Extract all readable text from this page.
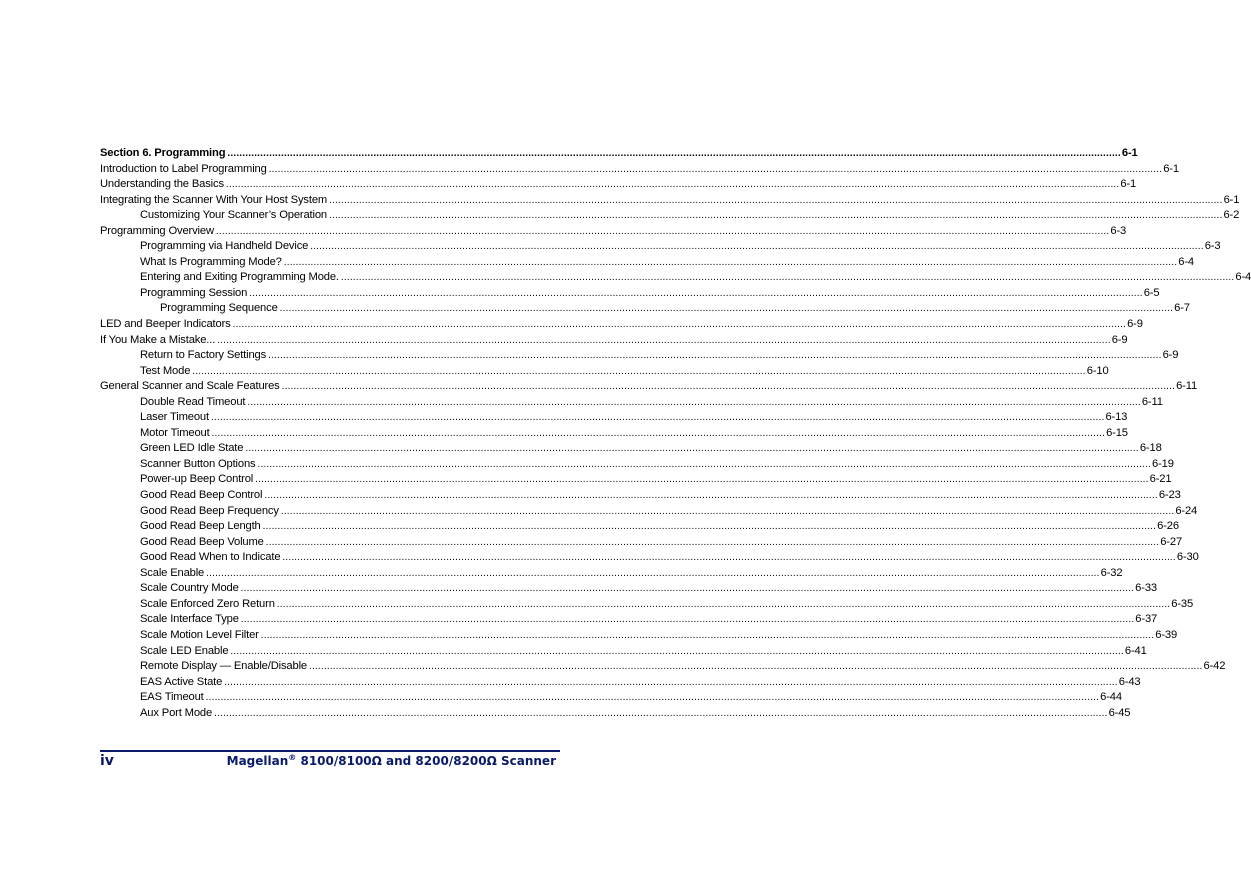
Section 6. Programming ............................................................................................................................................................................................................................................................................................................ 6-1
Introduction to Label Programming ............................................................................................................................................................................................................................................................................................................ 6-1
Understanding the Basics ............................................................................................................................................................................................................................................................................................................ 6-1
Integrating the Scanner With Your Host System ............................................................................................................................................................................................................................................................................................................ 6-1
Customizing Your Scanner’s Operation ............................................................................................................................................................................................................................................................................................................ 6-2
Programming Overview ............................................................................................................................................................................................................................................................................................................ 6-3
Programming via Handheld Device ............................................................................................................................................................................................................................................................................................................ 6-3
What Is Programming Mode? ............................................................................................................................................................................................................................................................................................................ 6-4
Entering and Exiting Programming Mode. ............................................................................................................................................................................................................................................................................................................ 6-4
Programming Session ............................................................................................................................................................................................................................................................................................................ 6-5
Programming Sequence ............................................................................................................................................................................................................................................................................................................ 6-7
LED and Beeper Indicators ............................................................................................................................................................................................................................................................................................................ 6-9
If You Make a Mistake... ............................................................................................................................................................................................................................................................................................................ 6-9
Return to Factory Settings ............................................................................................................................................................................................................................................................................................................ 6-9
Test Mode ............................................................................................................................................................................................................................................................................................................ 6-10
General Scanner and Scale Features ............................................................................................................................................................................................................................................................................................................ 6-11
Double Read Timeout ............................................................................................................................................................................................................................................................................................................ 6-11
Laser Timeout ............................................................................................................................................................................................................................................................................................................ 6-13
Motor Timeout ............................................................................................................................................................................................................................................................................................................ 6-15
Green LED Idle State ............................................................................................................................................................................................................................................................................................................ 6-18
Scanner Button Options ............................................................................................................................................................................................................................................................................................................ 6-19
Power-up Beep Control ............................................................................................................................................................................................................................................................................................................ 6-21
Good Read Beep Control ............................................................................................................................................................................................................................................................................................................ 6-23
Good Read Beep Frequency ............................................................................................................................................................................................................................................................................................................ 6-24
Good Read Beep Length ............................................................................................................................................................................................................................................................................................................ 6-26
Good Read Beep Volume ............................................................................................................................................................................................................................................................................................................ 6-27
Good Read When to Indicate ............................................................................................................................................................................................................................................................................................................ 6-30
Scale Enable ............................................................................................................................................................................................................................................................................................................ 6-32
Scale Country Mode ............................................................................................................................................................................................................................................................................................................ 6-33
Scale Enforced Zero Return ............................................................................................................................................................................................................................................................................................................ 6-35
Scale Interface Type ............................................................................................................................................................................................................................................................................................................ 6-37
Scale Motion Level Filter ............................................................................................................................................................................................................................................................................................................ 6-39
Scale LED Enable ............................................................................................................................................................................................................................................................................................................ 6-41
Remote Display — Enable/Disable ............................................................................................................................................................................................................................................................................................................ 6-42
EAS Active State ............................................................................................................................................................................................................................................................................................................ 6-43
EAS Timeout ............................................................................................................................................................................................................................................................................................................ 6-44
Aux Port Mode ............................................................................................................................................................................................................................................................................................................ 6-45
iv	Magellan® 8100/8100Ω and 8200/8200Ω Scanner
